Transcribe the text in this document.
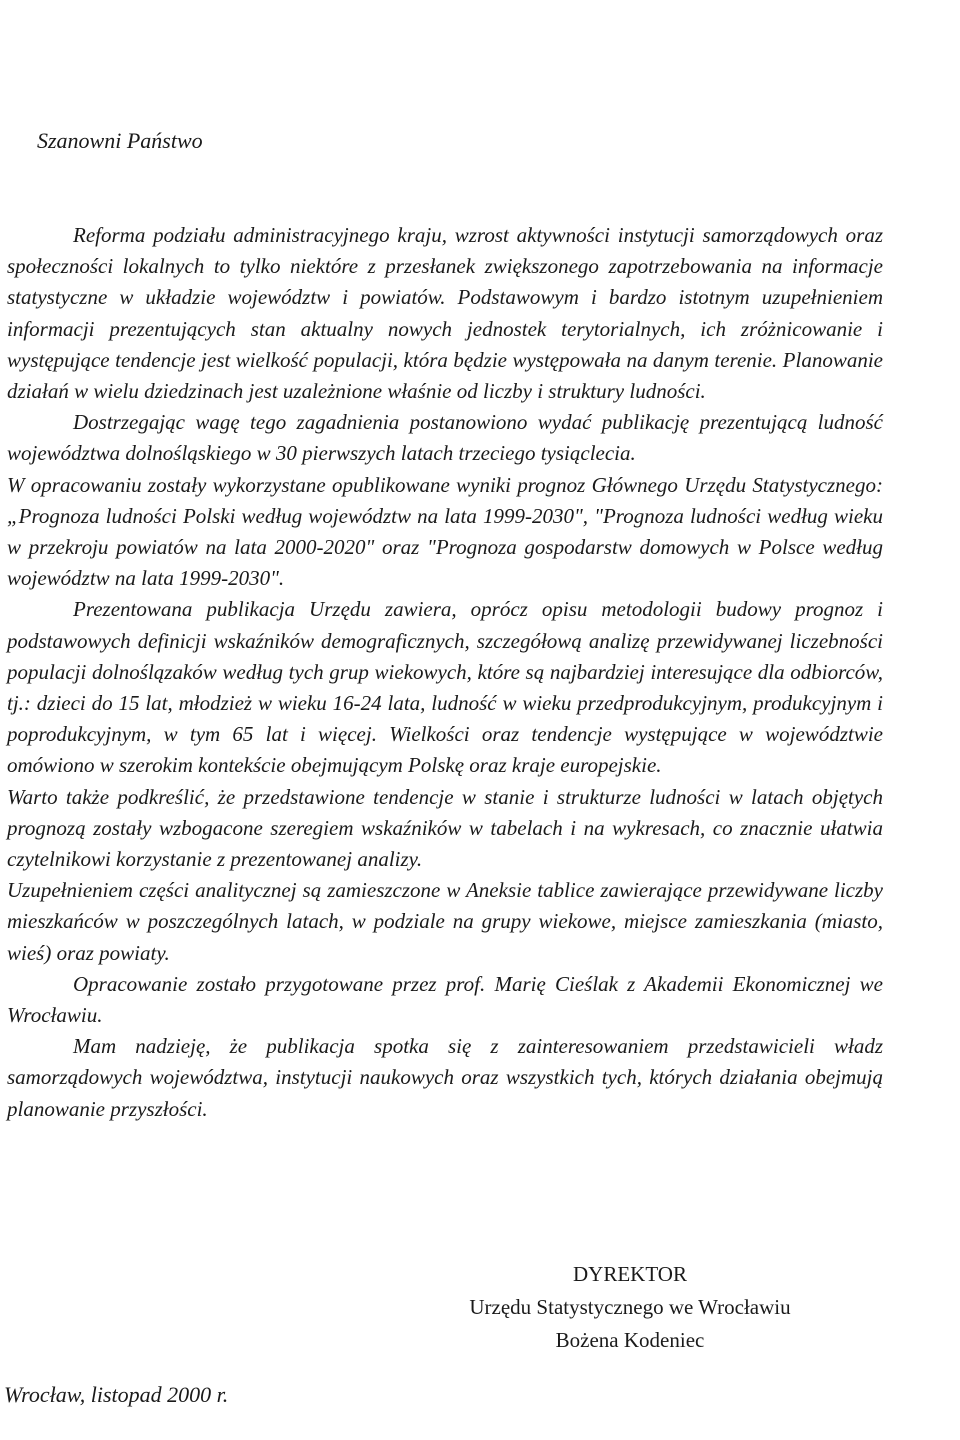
Szanowni Państwo

Reforma podziału administracyjnego kraju, wzrost aktywności instytucji samorządowych oraz społeczności lokalnych to tylko niektóre z przesłanek zwiększonego zapotrzebowania na informacje statystyczne w układzie województw i powiatów. Podstawowym i bardzo istotnym uzupełnieniem informacji prezentujących stan aktualny nowych jednostek terytorialnych, ich zróżnicowanie i występujące tendencje jest wielkość populacji, która będzie występowała na danym terenie. Planowanie działań w wielu dziedzinach jest uzależnione właśnie od liczby i struktury ludności.

Dostrzegając wagę tego zagadnienia postanowiono wydać publikację prezentującą ludność województwa dolnośląskiego w 30 pierwszych latach trzeciego tysiąclecia.

W opracowaniu zostały wykorzystane opublikowane wyniki prognoz Głównego Urzędu Statystycznego: „Prognoza ludności Polski według województw na lata 1999-2030", "Prognoza ludności według wieku w przekroju powiatów na lata 2000-2020" oraz "Prognoza gospodarstw domowych w Polsce według województw na lata 1999-2030".

Prezentowana publikacja Urzędu zawiera, oprócz opisu metodologii budowy prognoz i podstawowych definicji wskaźników demograficznych, szczegółową analizę przewidywanej liczebności populacji dolnoślązaków według tych grup wiekowych, które są najbardziej interesujące dla odbiorców, tj.: dzieci do 15 lat, młodzież w wieku 16-24 lata, ludność w wieku przedprodukcyjnym, produkcyjnym i poprodukcyjnym, w tym 65 lat i więcej. Wielkości oraz tendencje występujące w województwie omówiono w szerokim kontekście obejmującym Polskę oraz kraje europejskie.

Warto także podkreślić, że przedstawione tendencje w stanie i strukturze ludności w latach objętych prognozą zostały wzbogacone szeregiem wskaźników w tabelach i na wykresach, co znacznie ułatwia czytelnikowi korzystanie z prezentowanej analizy.

Uzupełnieniem części analitycznej są zamieszczone w Aneksie tablice zawierające przewidywane liczby mieszkańców w poszczególnych latach, w podziale na grupy wiekowe, miejsce zamieszkania (miasto, wieś) oraz powiaty.

Opracowanie zostało przygotowane przez prof. Marię Cieślak z Akademii Ekonomicznej we Wrocławiu.

Mam nadzieję, że publikacja spotka się z zainteresowaniem przedstawicieli władz samorządowych województwa, instytucji naukowych oraz wszystkich tych, których działania obejmują planowanie przyszłości.

DYREKTOR
Urzędu Statystycznego we Wrocławiu
Bożena Kodeniec
Wrocław, listopad 2000 r.
